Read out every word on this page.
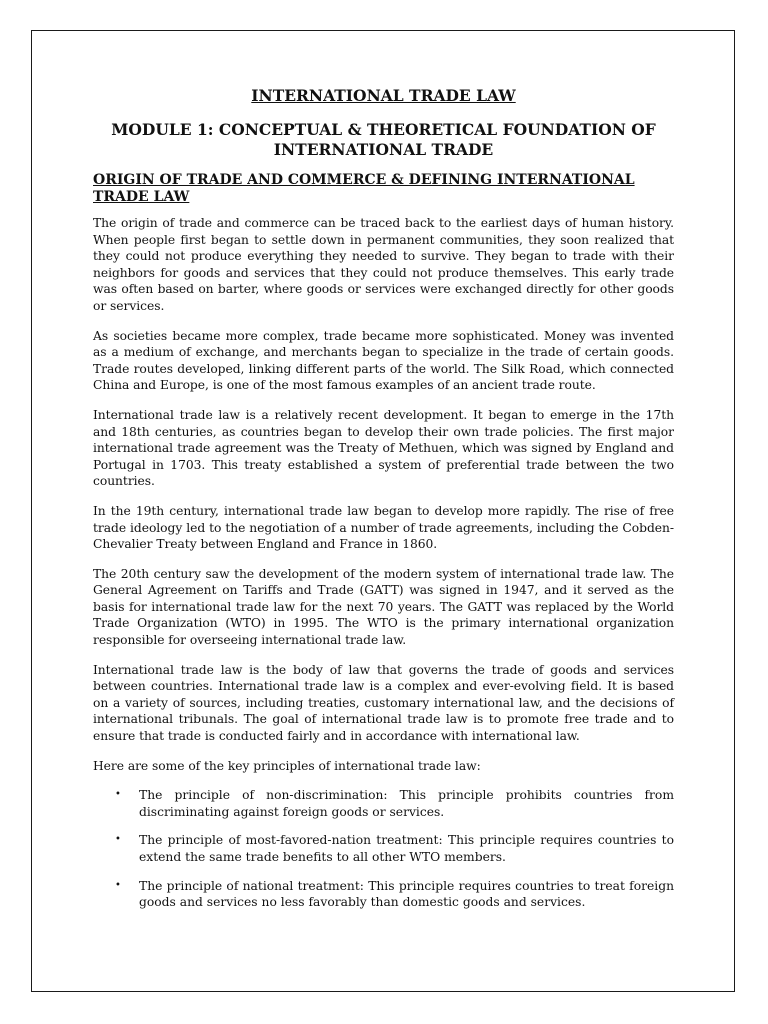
INTERNATIONAL TRADE LAW
MODULE 1: CONCEPTUAL & THEORETICAL FOUNDATION OF INTERNATIONAL TRADE
ORIGIN OF TRADE AND COMMERCE & DEFINING INTERNATIONAL TRADE LAW

The origin of trade and commerce can be traced back to the earliest days of human history. When people first began to settle down in permanent communities, they soon realized that they could not produce everything they needed to survive. They began to trade with their neighbors for goods and services that they could not produce themselves. This early trade was often based on barter, where goods or services were exchanged directly for other goods or services.

As societies became more complex, trade became more sophisticated. Money was invented as a medium of exchange, and merchants began to specialize in the trade of certain goods. Trade routes developed, linking different parts of the world. The Silk Road, which connected China and Europe, is one of the most famous examples of an ancient trade route.

International trade law is a relatively recent development. It began to emerge in the 17th and 18th centuries, as countries began to develop their own trade policies. The first major international trade agreement was the Treaty of Methuen, which was signed by England and Portugal in 1703. This treaty established a system of preferential trade between the two countries.

In the 19th century, international trade law began to develop more rapidly. The rise of free trade ideology led to the negotiation of a number of trade agreements, including the Cobden-Chevalier Treaty between England and France in 1860.

The 20th century saw the development of the modern system of international trade law. The General Agreement on Tariffs and Trade (GATT) was signed in 1947, and it served as the basis for international trade law for the next 70 years. The GATT was replaced by the World Trade Organization (WTO) in 1995. The WTO is the primary international organization responsible for overseeing international trade law.

International trade law is the body of law that governs the trade of goods and services between countries. International trade law is a complex and ever-evolving field. It is based on a variety of sources, including treaties, customary international law, and the decisions of international tribunals. The goal of international trade law is to promote free trade and to ensure that trade is conducted fairly and in accordance with international law.

Here are some of the key principles of international trade law:

• The principle of non-discrimination: This principle prohibits countries from discriminating against foreign goods or services.
• The principle of most-favored-nation treatment: This principle requires countries to extend the same trade benefits to all other WTO members.
• The principle of national treatment: This principle requires countries to treat foreign goods and services no less favorably than domestic goods and services.
